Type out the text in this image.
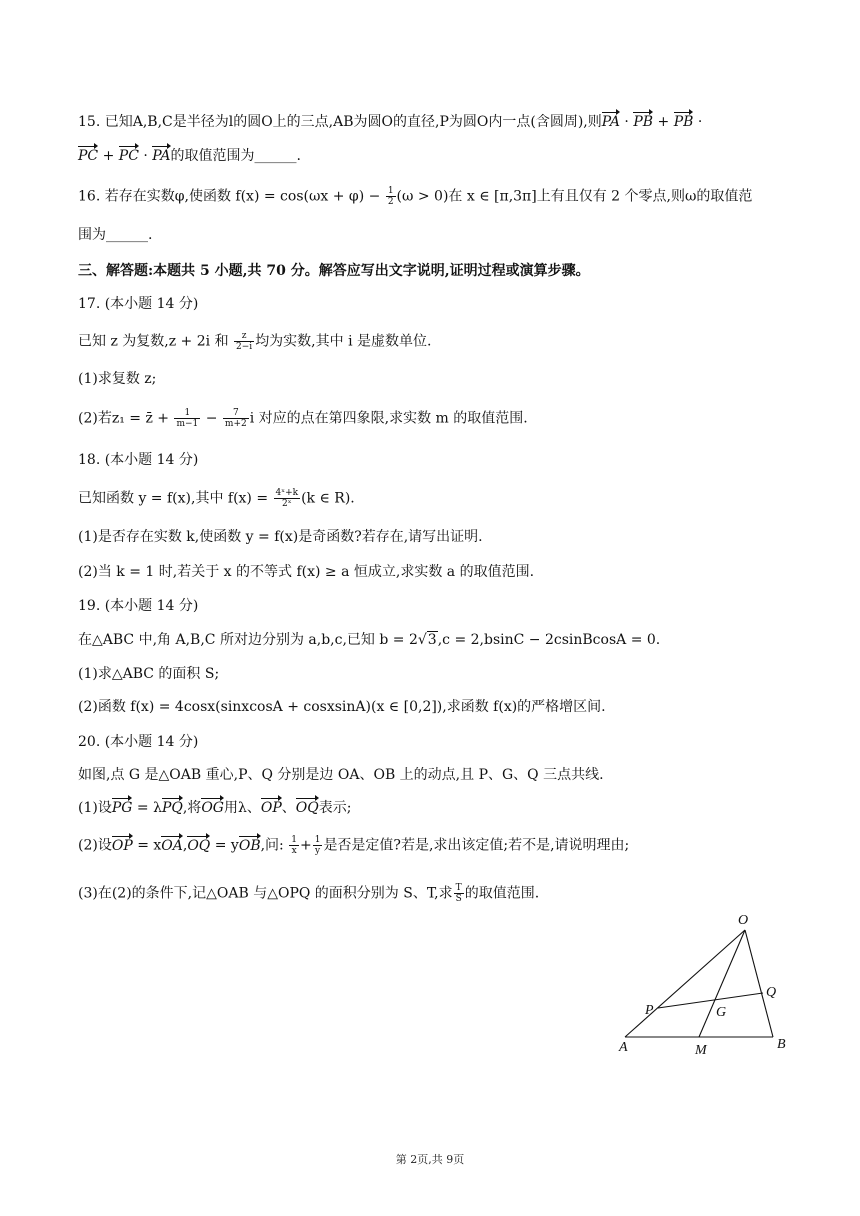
15. 已知A,B,C是半径为l的圆O上的三点,AB为圆O的直径,P为圆O内一点(含圆周),则PA · PB + PB ·
PC + PC · PA的取值范围为______.
16. 若存在实数φ,使函数 $f(x) = \cos(\omega x + \varphi) - \frac{1}{2} (\omega > 0)$在 x ∈ [π,3π]上有且仅有 2 个零点,则ω的取值范
围为______.
三、解答题:本题共 5 小题,共 70 分。解答应写出文字说明,证明过程或演算步骤。
17. (本小题 14 分)
已知 z 为复数,z + 2i 和 $\frac{z}{2-i}$ 均为实数,其中 i 是虚数单位.
(1)求复数 z;
(2)若z₁ = z̄ + $\frac{1}{m-1} - \frac{7}{m+2}$ i 对应的点在第四象限,求实数 m 的取值范围.
18. (本小题 14 分)
已知函数 y = f(x),其中 $f(x) = \frac{\text{4ˣ+k}}{\text{2ˣ}} (k$ ∈ R).
(1)是否存在实数 k,使函数 y = f(x)是奇函数?若存在,请写出证明.
(2)当 k = 1 时,若关于 x 的不等式 f(x) ≥ a 恒成立,求实数 a 的取值范围.
19. (本小题 14 分)
在△ABC 中,角 A,B,C 所对边分别为 a,b,c,已知 b = 2√3,c = 2,bsinC − 2csinBcosA = 0.
(1)求△ABC 的面积 S;
(2)函数 f(x) = 4cosx(sinxcosA + cosxsinA)(x ∈ [0,2]),求函数 f(x)的严格增区间.
20. (本小题 14 分)
如图,点 G 是△OAB 重心,P、Q 分别是边 OA、OB 上的动点,且 P、G、Q 三点共线.
(1)设PG = λPQ,将OG用λ、OP、OQ表示;
(2)设OP = xOA,OQ = yOB,问: $\frac{1}{x} + \frac{1}{y}$ 是否是定值?若是,求出该定值;若不是,请说明理由;
(3)在(2)的条件下,记△OAB 与△OPQ 的面积分别为 S、T,求 $\frac{T}{S}$ 的取值范围.
O
P
Q
G
A	M	B
第 2页,共 9页
